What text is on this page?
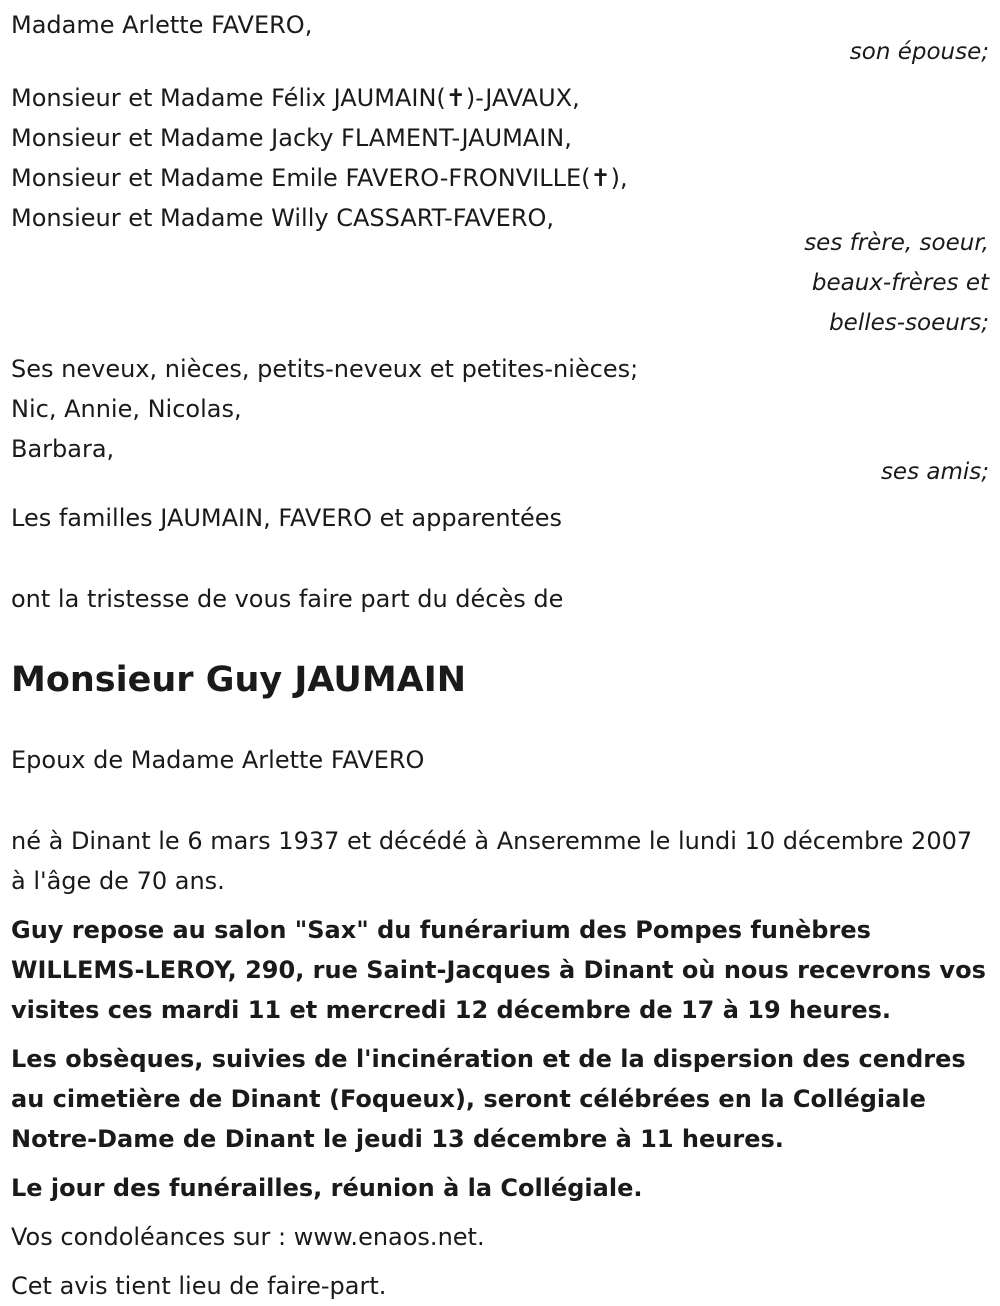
Madame Arlette FAVERO,

son épouse;

Monsieur et Madame Félix JAUMAIN(✝)-JAVAUX,

Monsieur et Madame Jacky FLAMENT-JAUMAIN,

Monsieur et Madame Emile FAVERO-FRONVILLE(✝),

Monsieur et Madame Willy CASSART-FAVERO,

ses frère, soeur,

beaux-frères et

belles-soeurs;

Ses neveux, nièces, petits-neveux et petites-nièces;

Nic, Annie, Nicolas,

Barbara,

ses amis;

Les familles JAUMAIN, FAVERO et apparentées

ont la tristesse de vous faire part du décès de

Monsieur Guy JAUMAIN

Epoux de Madame Arlette FAVERO

né à Dinant le 6 mars 1937 et décédé à Anseremme le lundi 10 décembre 2007 à l'âge de 70 ans.

Guy repose au salon "Sax" du funérarium des Pompes funèbres WILLEMS-LEROY, 290, rue Saint-Jacques à Dinant où nous recevrons vos visites ces mardi 11 et mercredi 12 décembre de 17 à 19 heures.

Les obsèques, suivies de l'incinération et de la dispersion des cendres au cimetière de Dinant (Foqueux), seront célébrées en la Collégiale Notre-Dame de Dinant le jeudi 13 décembre à 11 heures.

Le jour des funérailles, réunion à la Collégiale.

Vos condoléances sur : www.enaos.net.

Cet avis tient lieu de faire-part.
